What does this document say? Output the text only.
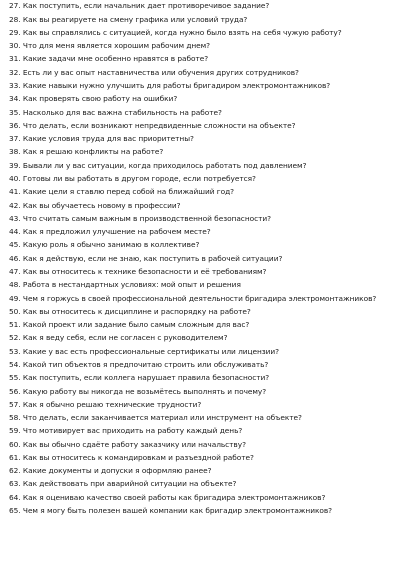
27. Как поступить, если начальник дает противоречивое задание?
28. Как вы реагируете на смену графика или условий труда?
29. Как вы справлялись с ситуацией, когда нужно было взять на себя чужую работу?
30. Что для меня является хорошим рабочим днем?
31. Какие задачи мне особенно нравятся в работе?
32. Есть ли у вас опыт наставничества или обучения других сотрудников?
33. Какие навыки нужно улучшить для работы бригадиром электромонтажников?
34. Как проверять свою работу на ошибки?
35. Насколько для вас важна стабильность на работе?
36. Что делать, если возникают непредвиденные сложности на объекте?
37. Какие условия труда для вас приоритетны?
38. Как я решаю конфликты на работе?
39. Бывали ли у вас ситуации, когда приходилось работать под давлением?
40. Готовы ли вы работать в другом городе, если потребуется?
41. Какие цели я ставлю перед собой на ближайший год?
42. Как вы обучаетесь новому в профессии?
43. Что считать самым важным в производственной безопасности?
44. Как я предложил улучшение на рабочем месте?
45. Какую роль я обычно занимаю в коллективе?
46. Как я действую, если не знаю, как поступить в рабочей ситуации?
47. Как вы относитесь к технике безопасности и её требованиям?
48. Работа в нестандартных условиях: мой опыт и решения
49. Чем я горжусь в своей профессиональной деятельности бригадира электромонтажников?
50. Как вы относитесь к дисциплине и распорядку на работе?
51. Какой проект или задание было самым сложным для вас?
52. Как я веду себя, если не согласен с руководителем?
53. Какие у вас есть профессиональные сертификаты или лицензии?
54. Какой тип объектов я предпочитаю строить или обслуживать?
55. Как поступить, если коллега нарушает правила безопасности?
56. Какую работу вы никогда не возьмётесь выполнять и почему?
57. Как я обычно решаю технические трудности?
58. Что делать, если заканчивается материал или инструмент на объекте?
59. Что мотивирует вас приходить на работу каждый день?
60. Как вы обычно сдаёте работу заказчику или начальству?
61. Как вы относитесь к командировкам и разъездной работе?
62. Какие документы и допуски я оформляю ранее?
63. Как действовать при аварийной ситуации на объекте?
64. Как я оцениваю качество своей работы как бригадира электромонтажников?
65. Чем я могу быть полезен вашей компании как бригадир электромонтажников?
